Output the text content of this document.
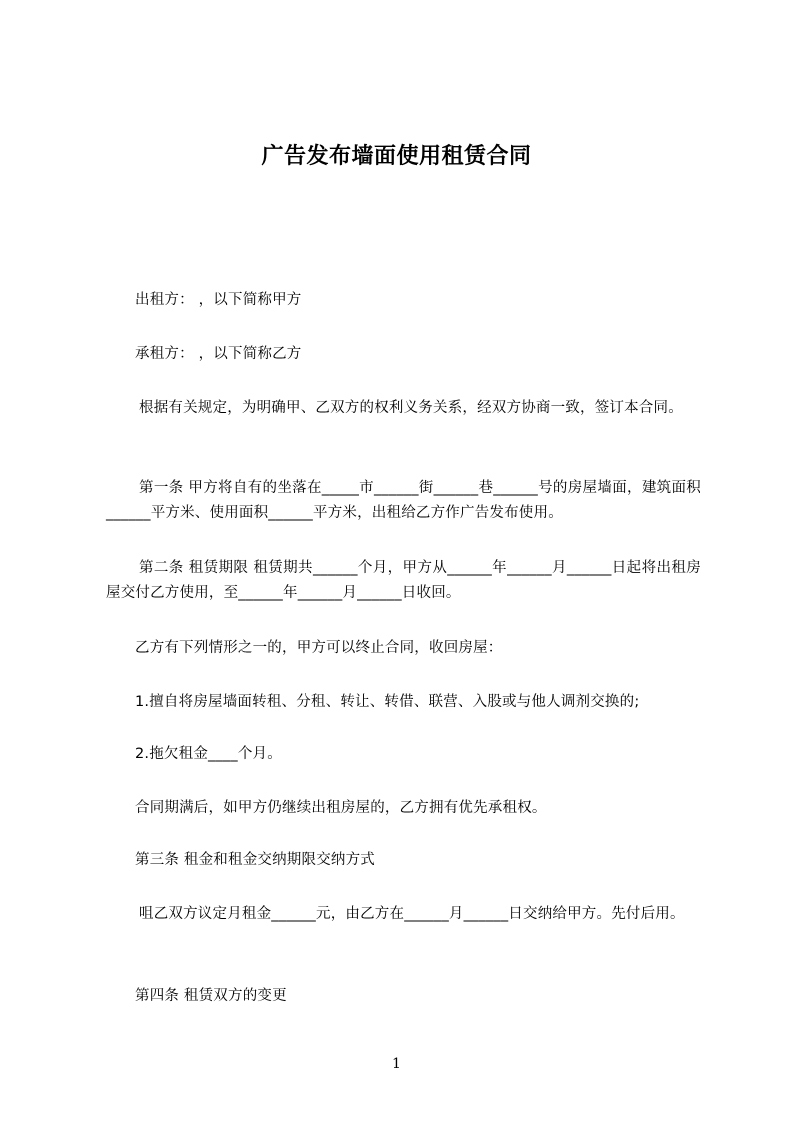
广告发布墙面使用租赁合同
出租方： ，以下简称甲方
承租方： ，以下简称乙方
根据有关规定，为明确甲、乙双方的权利义务关系，经双方协商一致，签订本合同。
第一条 甲方将自有的坐落在_____市______街______巷______号的房屋墙面，建筑面积______平方米、使用面积______平方米，出租给乙方作广告发布使用。
第二条 租赁期限 租赁期共______个月，甲方从______年______月______日起将出租房屋交付乙方使用，至______年______月______日收回。
乙方有下列情形之一的，甲方可以终止合同，收回房屋：
1.擅自将房屋墙面转租、分租、转让、转借、联营、入股或与他人调剂交换的;
2.拖欠租金____个月。
合同期满后，如甲方仍继续出租房屋的，乙方拥有优先承租权。
第三条 租金和租金交纳期限交纳方式
咀乙双方议定月租金______元，由乙方在______月______日交纳给甲方。先付后用。
第四条 租赁双方的变更
1
